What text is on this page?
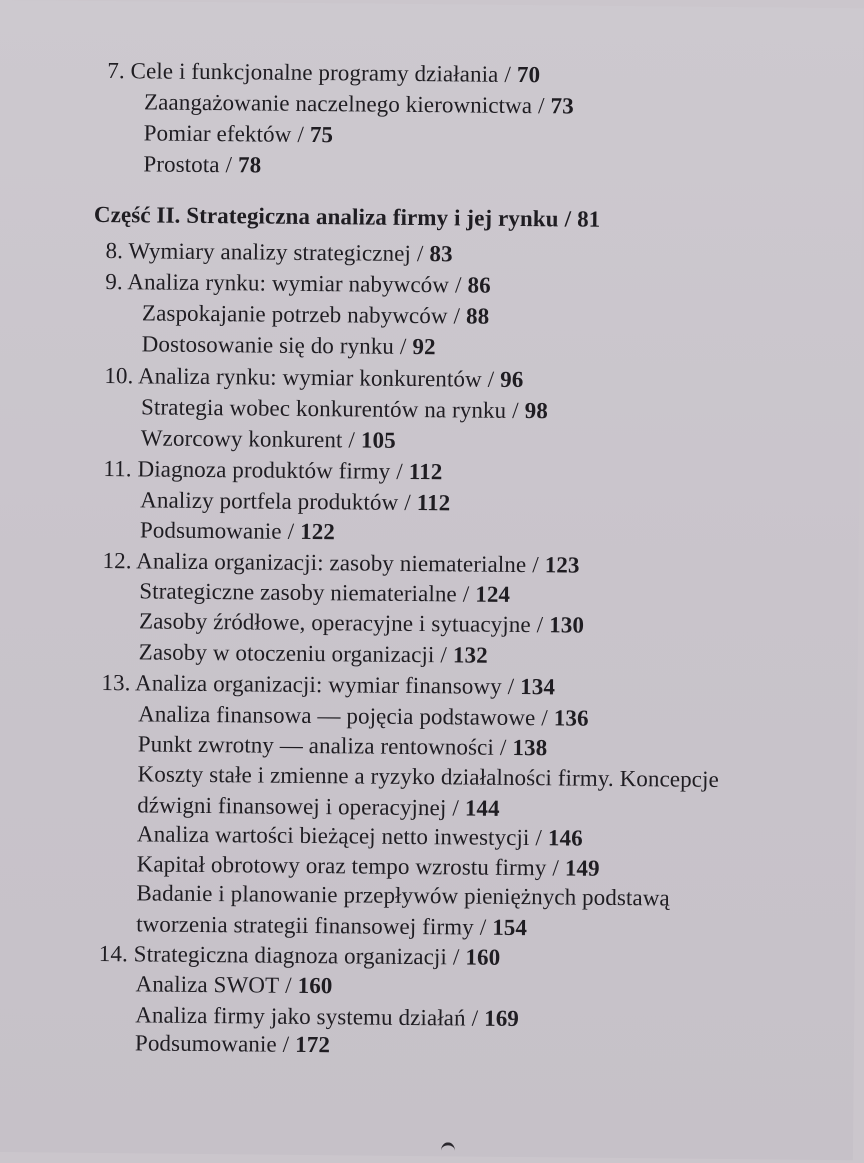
7. Cele i funkcjonalne programy działania / 70
Zaangażowanie naczelnego kierownictwa / 73
Pomiar efektów / 75
Prostota / 78
Część II. Strategiczna analiza firmy i jej rynku / 81
8. Wymiary analizy strategicznej / 83
9. Analiza rynku: wymiar nabywców / 86
Zaspokajanie potrzeb nabywców / 88
Dostosowanie się do rynku / 92
10. Analiza rynku: wymiar konkurentów / 96
Strategia wobec konkurentów na rynku / 98
Wzorcowy konkurent / 105
11. Diagnoza produktów firmy / 112
Analizy portfela produktów / 112
Podsumowanie / 122
12. Analiza organizacji: zasoby niematerialne / 123
Strategiczne zasoby niematerialne / 124
Zasoby źródłowe, operacyjne i sytuacyjne / 130
Zasoby w otoczeniu organizacji / 132
13. Analiza organizacji: wymiar finansowy / 134
Analiza finansowa — pojęcia podstawowe / 136
Punkt zwrotny — analiza rentowności / 138
Koszty stałe i zmienne a ryzyko działalności firmy. Koncepcje
dźwigni finansowej i operacyjnej / 144
Analiza wartości bieżącej netto inwestycji / 146
Kapitał obrotowy oraz tempo wzrostu firmy / 149
Badanie i planowanie przepływów pieniężnych podstawą
tworzenia strategii finansowej firmy / 154
14. Strategiczna diagnoza organizacji / 160
Analiza SWOT / 160
Analiza firmy jako systemu działań / 169
Podsumowanie / 172
